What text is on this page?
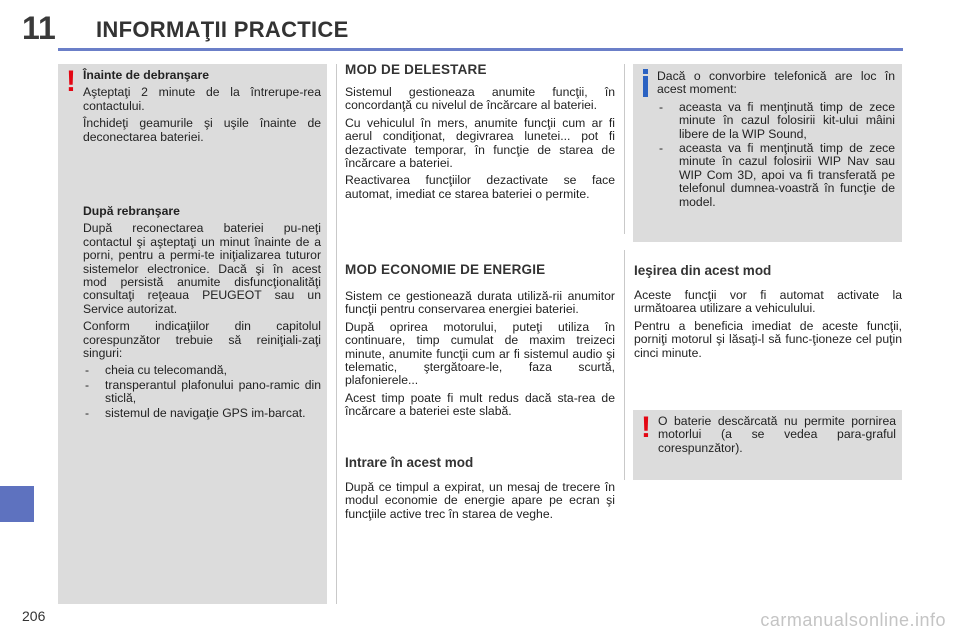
11 INFORMAŢII PRACTICE
! Înainte de debranşare

Aşteptaţi 2 minute de la întrerupe-rea contactului.

Închideţi geamurile şi uşile înainte de deconectarea bateriei.

După rebranşare

După reconectarea bateriei pu-neţi contactul şi aşteptaţi un minut înainte de a porni, pentru a permi-te iniţializarea tuturor sistemelor electronice. Dacă şi în acest mod persistă anumite disfuncţionalităţi consultaţi reţeaua PEUGEOT sau un Service autorizat.

Conform indicaţiilor din capitolul corespunzător trebuie să reiniţiali-zaţi singuri:

- cheia cu telecomandă,
- transperantul plafonului pano-ramic din sticlă,
- sistemul de navigaţie GPS im-barcat.
MOD DE DELESTARE

Sistemul gestioneaza anumite funcţii, în concordanţă cu nivelul de încărcare al bateriei.

Cu vehiculul în mers, anumite funcţii cum ar fi aerul condiţionat, degivrarea lunetei... pot fi dezactivate temporar, în funcţie de starea de încărcare a bateriei.

Reactivarea funcţiilor dezactivate se face automat, imediat ce starea bateriei o permite.

MOD ECONOMIE DE ENERGIE

Sistem ce gestionează durata utiliză-rii anumitor funcţii pentru conservarea energiei bateriei.

După oprirea motorului, puteţi utiliza în continuare, timp cumulat de maxim treizeci minute, anumite funcţii cum ar fi sistemul audio şi telematic, ştergătoare-le, faza scurtă, plafonierele...

Acest timp poate fi mult redus dacă sta-rea de încărcare a bateriei este slabă.

Intrare în acest mod

După ce timpul a expirat, un mesaj de trecere în modul economie de energie apare pe ecran şi funcţiile active trec în starea de veghe.

Dacă o convorbire telefonică are loc în acest moment:

- aceasta va fi menţinută timp de zece minute în cazul folosirii kit-ului mâini libere de la WIP Sound,
- aceasta va fi menţinută timp de zece minute în cazul folosirii WIP Nav sau WIP Com 3D, apoi va fi transferată pe telefonul dumnea-voastră în funcţie de model.
Ieşirea din acest mod

Aceste funcţii vor fi automat activate la următoarea utilizare a vehiculului.

Pentru a beneficia imediat de aceste funcţii, porniţi motorul şi lăsaţi-l să func-ţioneze cel puţin cinci minute.

! O baterie descărcată nu permite pornirea motorlui (a se vedea para-graful corespunzător).

206	carmanualsonline.info
